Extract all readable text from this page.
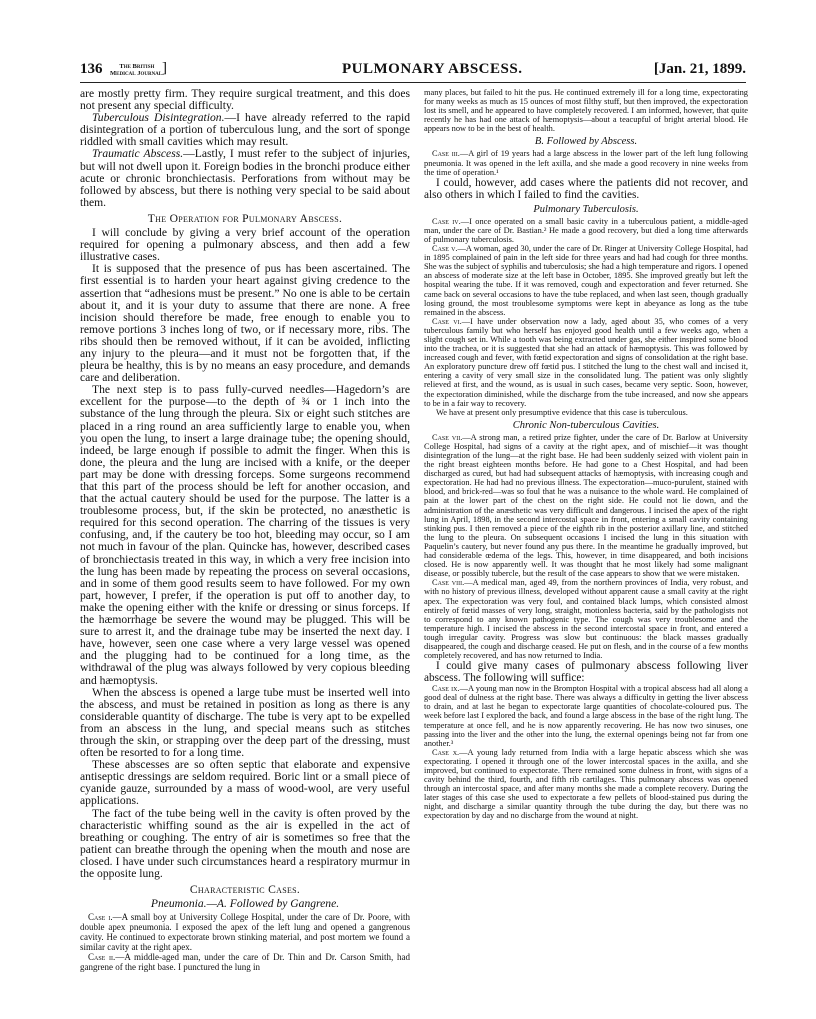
136	The British
Medical Journal.
]	PULMONARY ABSCESS.	[Jan. 21, 1899.

are mostly pretty firm. They require surgical treatment, and this does not present any special difficulty.

Tuberculous Disintegration.—I have already referred to the rapid disintegration of a portion of tuberculous lung, and the sort of sponge riddled with small cavities which may result.

Traumatic Abscess.—Lastly, I must refer to the subject of injuries, but will not dwell upon it. Foreign bodies in the bronchi produce either acute or chronic bronchiectasis. Perforations from without may be followed by abscess, but there is nothing very special to be said about them.

The Operation for Pulmonary Abscess.

I will conclude by giving a very brief account of the operation required for opening a pulmonary abscess, and then add a few illustrative cases.

It is supposed that the presence of pus has been ascertained. The first essential is to harden your heart against giving credence to the assertion that “adhesions must be present.” No one is able to be certain about it, and it is your duty to assume that there are none. A free incision should therefore be made, free enough to enable you to remove portions 3 inches long of two, or if necessary more, ribs. The ribs should then be removed without, if it can be avoided, inflicting any injury to the pleura—and it must not be forgotten that, if the pleura be healthy, this is by no means an easy procedure, and demands care and deliberation.

The next step is to pass fully-curved needles—Hagedorn’s are excellent for the purpose—to the depth of ¾ or 1 inch into the substance of the lung through the pleura. Six or eight such stitches are placed in a ring round an area sufficiently large to enable you, when you open the lung, to insert a large drainage tube; the opening should, indeed, be large enough if possible to admit the finger. When this is done, the pleura and the lung are incised with a knife, or the deeper part may be done with dressing forceps. Some surgeons recommend that this part of the process should be left for another occasion, and that the actual cautery should be used for the purpose. The latter is a troublesome process, but, if the skin be protected, no anæsthetic is required for this second operation. The charring of the tissues is very confusing, and, if the cautery be too hot, bleeding may occur, so I am not much in favour of the plan. Quincke has, however, described cases of bronchiectasis treated in this way, in which a very free incision into the lung has been made by repeating the process on several occasions, and in some of them good results seem to have followed. For my own part, however, I prefer, if the operation is put off to another day, to make the opening either with the knife or dressing or sinus forceps. If the hæmorrhage be severe the wound may be plugged. This will be sure to arrest it, and the drainage tube may be inserted the next day. I have, however, seen one case where a very large vessel was opened and the plugging had to be continued for a long time, as the withdrawal of the plug was always followed by very copious bleeding and hæmoptysis.

When the abscess is opened a large tube must be inserted well into the abscess, and must be retained in position as long as there is any considerable quantity of discharge. The tube is very apt to be expelled from an abscess in the lung, and special means such as stitches through the skin, or strapping over the deep part of the dressing, must often be resorted to for a long time.

These abscesses are so often septic that elaborate and expensive antiseptic dressings are seldom required. Boric lint or a small piece of cyanide gauze, surrounded by a mass of wood-wool, are very useful applications.

The fact of the tube being well in the cavity is often proved by the characteristic whiffing sound as the air is expelled in the act of breathing or coughing. The entry of air is sometimes so free that the patient can breathe through the opening when the mouth and nose are closed. I have under such circumstances heard a respiratory murmur in the opposite lung.

Characteristic Cases.
Pneumonia.—A. Followed by Gangrene.

Case i.—A small boy at University College Hospital, under the care of Dr. Poore, with double apex pneumonia. I exposed the apex of the left lung and opened a gangrenous cavity. He continued to expectorate brown stinking material, and post mortem we found a similar cavity at the right apex.

Case ii.—A middle-aged man, under the care of Dr. Thin and Dr. Carson Smith, had gangrene of the right base. I punctured the lung in

many places, but failed to hit the pus. He continued extremely ill for a long time, expectorating for many weeks as much as 15 ounces of most filthy stuff, but then improved, the expectoration lost its smell, and he appeared to have completely recovered. I am informed, however, that quite recently he has had one attack of hæmoptysis—about a teacupful of bright arterial blood. He appears now to be in the best of health.

B. Followed by Abscess.

Case iii.—A girl of 19 years had a large abscess in the lower part of the left lung following pneumonia. It was opened in the left axilla, and she made a good recovery in nine weeks from the time of operation.¹

I could, however, add cases where the patients did not recover, and also others in which I failed to find the cavities.

Pulmonary Tuberculosis.

Case iv.—I once operated on a small basic cavity in a tuberculous patient, a middle-aged man, under the care of Dr. Bastian.² He made a good recovery, but died a long time afterwards of pulmonary tuberculosis.

Case v.—A woman, aged 30, under the care of Dr. Ringer at University College Hospital, had in 1895 complained of pain in the left side for three years and had had cough for three months. She was the subject of syphilis and tuberculosis; she had a high temperature and rigors. I opened an abscess of moderate size at the left base in October, 1895. She improved greatly but left the hospital wearing the tube. If it was removed, cough and expectoration and fever returned. She came back on several occasions to have the tube replaced, and when last seen, though gradually losing ground, the most troublesome symptoms were kept in abeyance as long as the tube remained in the abscess.

Case vi.—I have under observation now a lady, aged about 35, who comes of a very tuberculous family but who herself has enjoyed good health until a few weeks ago, when a slight cough set in. While a tooth was being extracted under gas, she either inspired some blood into the trachea, or it is suggested that she had an attack of hæmoptysis. This was followed by increased cough and fever, with fœtid expectoration and signs of consolidation at the right base. An exploratory puncture drew off fœtid pus. I stitched the lung to the chest wall and incised it, entering a cavity of very small size in the consolidated lung. The patient was only slightly relieved at first, and the wound, as is usual in such cases, became very septic. Soon, however, the expectoration diminished, while the discharge from the tube increased, and now she appears to be in a fair way to recovery.

We have at present only presumptive evidence that this case is tuberculous.

Chronic Non-tuberculous Cavities.

Case vii.—A strong man, a retired prize fighter, under the care of Dr. Barlow at University College Hospital, had signs of a cavity at the right apex, and of mischief—it was thought disintegration of the lung—at the right base. He had been suddenly seized with violent pain in the right breast eighteen months before. He had gone to a Chest Hospital, and had been discharged as cured, but had had subsequent attacks of hæmoptysis, with increasing cough and expectoration. He had had no previous illness. The expectoration—muco-purulent, stained with blood, and brick-red—was so foul that he was a nuisance to the whole ward. He complained of pain at the lower part of the chest on the right side. He could not lie down, and the administration of the anæsthetic was very difficult and dangerous. I incised the apex of the right lung in April, 1898, in the second intercostal space in front, entering a small cavity containing stinking pus. I then removed a piece of the eighth rib in the posterior axillary line, and stitched the lung to the pleura. On subsequent occasions I incised the lung in this situation with Paquelin’s cautery, but never found any pus there. In the meantime he gradually improved, but had considerable œdema of the legs. This, however, in time disappeared, and both incisions closed. He is now apparently well. It was thought that he most likely had some malignant disease, or possibly tubercle, but the result of the case appears to show that we were mistaken.

Case viii.—A medical man, aged 49, from the northern provinces of India, very robust, and with no history of previous illness, developed without apparent cause a small cavity at the right apex. The expectoration was very foul, and contained black lumps, which consisted almost entirely of fœtid masses of very long, straight, motionless bacteria, said by the pathologists not to correspond to any known pathogenic type. The cough was very troublesome and the temperature high. I incised the abscess in the second intercostal space in front, and entered a tough irregular cavity. Progress was slow but continuous: the black masses gradually disappeared, the cough and discharge ceased. He put on flesh, and in the course of a few months completely recovered, and has now returned to India.

I could give many cases of pulmonary abscess following liver abscess. The following will suffice:

Case ix.—A young man now in the Brompton Hospital with a tropical abscess had all along a good deal of dulness at the right base. There was always a difficulty in getting the liver abscess to drain, and at last he began to expectorate large quantities of chocolate-coloured pus. The week before last I explored the back, and found a large abscess in the base of the right lung. The temperature at once fell, and he is now apparently recovering. He has now two sinuses, one passing into the liver and the other into the lung, the external openings being not far from one another.³

Case x.—A young lady returned from India with a large hepatic abscess which she was expectorating. I opened it through one of the lower intercostal spaces in the axilla, and she improved, but continued to expectorate. There remained some dulness in front, with signs of a cavity behind the third, fourth, and fifth rib cartilages. This pulmonary abscess was opened through an intercostal space, and after many months she made a complete recovery. During the later stages of this case she used to expectorate a few pellets of blood-stained pus during the night, and discharge a similar quantity through the tube during the day, but there was no expectoration by day and no discharge from the wound at night.
